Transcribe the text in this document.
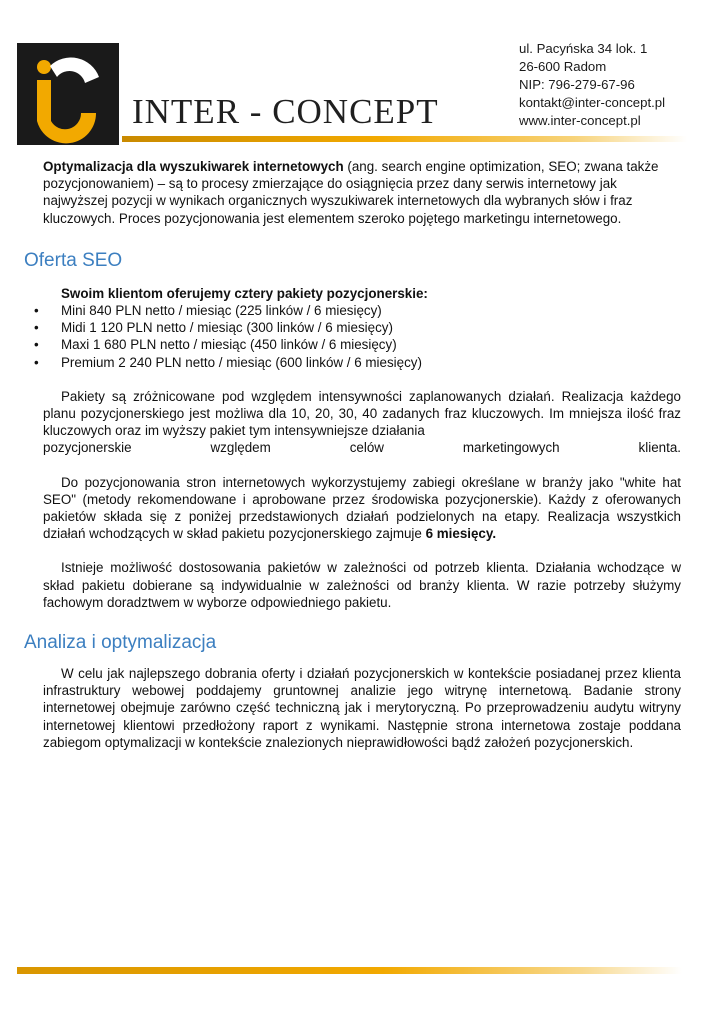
INTER - CONCEPT
ul. Pacyńska 34 lok. 1
26-600 Radom
NIP: 796-279-67-96
kontakt@inter-concept.pl
www.inter-concept.pl

Optymalizacja dla wyszukiwarek internetowych (ang. search engine optimization, SEO; zwana także pozycjonowaniem) – są to procesy zmierzające do osiągnięcia przez dany serwis internetowy jak najwyższej pozycji w wynikach organicznych wyszukiwarek internetowych dla wybranych słów i fraz kluczowych. Proces pozycjonowania jest elementem szeroko pojętego marketingu internetowego.

Oferta SEO

Swoim klientom oferujemy cztery pakiety pozycjonerskie:

• Mini 840 PLN netto / miesiąc (225 linków / 6 miesięcy)
• Midi 1 120 PLN netto / miesiąc (300 linków / 6 miesięcy)
• Maxi 1 680 PLN netto / miesiąc (450 linków / 6 miesięcy)
• Premium 2 240 PLN netto / miesiąc (600 linków / 6 miesięcy)

Pakiety są zróżnicowane pod względem intensywności zaplanowanych działań. Realizacja każdego planu pozycjonerskiego jest możliwa dla 10, 20, 30, 40 zadanych fraz kluczowych. Im mniejsza ilość fraz kluczowych oraz im wyższy pakiet tym intensywniejsze działania

pozycjonerskie względem celów marketingowych klienta.

Do pozycjonowania stron internetowych wykorzystujemy zabiegi określane w branży jako "white hat SEO" (metody rekomendowane i aprobowane przez środowiska pozycjonerskie). Każdy z oferowanych pakietów składa się z poniżej przedstawionych działań podzielonych na etapy. Realizacja wszystkich działań wchodzących w skład pakietu pozycjonerskiego zajmuje 6 miesięcy.

Istnieje możliwość dostosowania pakietów w zależności od potrzeb klienta. Działania wchodzące w skład pakietu dobierane są indywidualnie w zależności od branży klienta. W razie potrzeby służymy fachowym doradztwem w wyborze odpowiedniego pakietu.

Analiza i optymalizacja

W celu jak najlepszego dobrania oferty i działań pozycjonerskich w kontekście posiadanej przez klienta infrastruktury webowej poddajemy gruntownej analizie jego witrynę internetową. Badanie strony internetowej obejmuje zarówno część techniczną jak i merytoryczną. Po przeprowadzeniu audytu witryny internetowej klientowi przedłożony raport z wynikami. Następnie strona internetowa zostaje poddana zabiegom optymalizacji w kontekście znalezionych nieprawidłowości bądź założeń pozycjonerskich.
